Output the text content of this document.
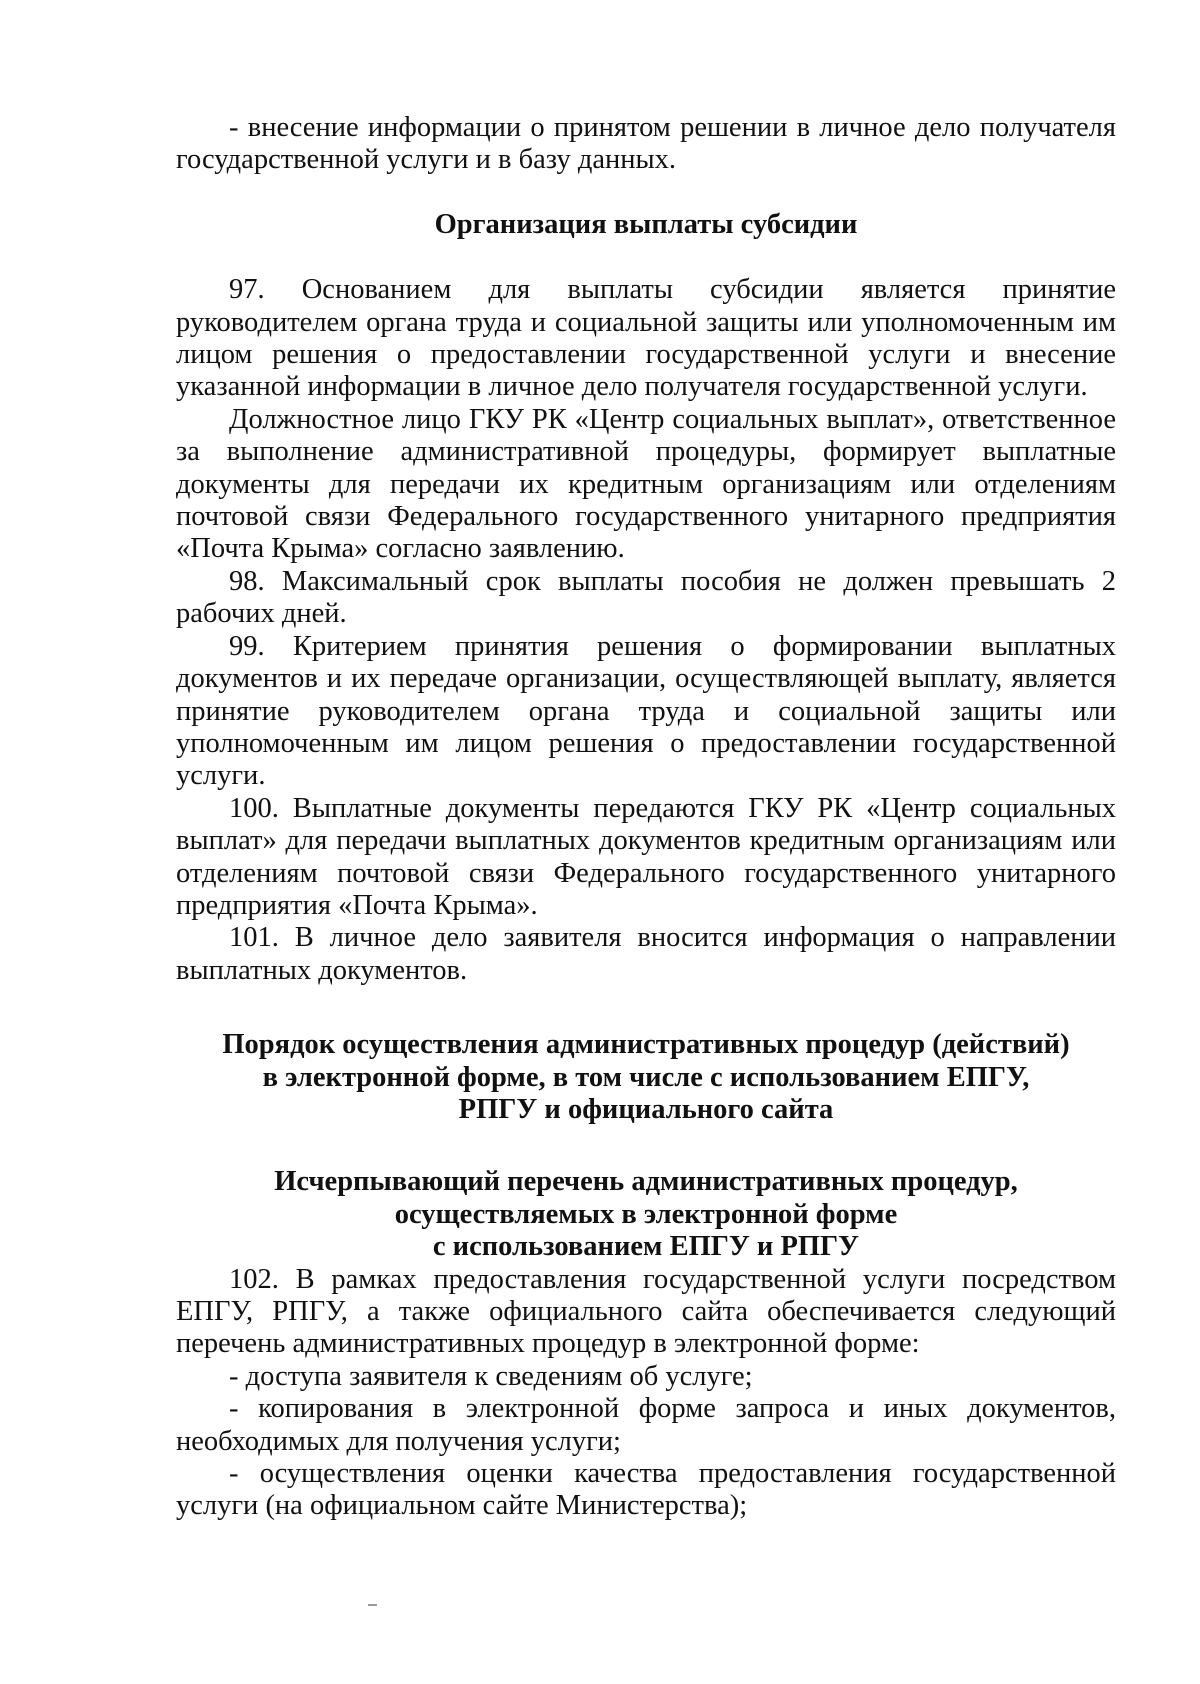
- внесение информации о принятом решении в личное дело получателя государственной услуги и в базу данных.

Организация выплаты субсидии

97. Основанием для выплаты субсидии является принятие руководителем органа труда и социальной защиты или уполномоченным им лицом решения о предоставлении государственной услуги и внесение указанной информации в личное дело получателя государственной услуги.

Должностное лицо ГКУ РК «Центр социальных выплат», ответственное за выполнение административной процедуры, формирует выплатные документы для передачи их кредитным организациям или отделениям почтовой связи Федерального государственного унитарного предприятия «Почта Крыма» согласно заявлению.

98. Максимальный срок выплаты пособия не должен превышать 2 рабочих дней.

99. Критерием принятия решения о формировании выплатных документов и их передаче организации, осуществляющей выплату, является принятие руководителем органа труда и социальной защиты или уполномоченным им лицом решения о предоставлении государственной услуги.

100. Выплатные документы передаются ГКУ РК «Центр социальных выплат» для передачи выплатных документов кредитным организациям или отделениям почтовой связи Федерального государственного унитарного предприятия «Почта Крыма».

101. В личное дело заявителя вносится информация о направлении выплатных документов.

Порядок осуществления административных процедур (действий)
в электронной форме, в том числе с использованием ЕПГУ,
РПГУ и официального сайта
Исчерпывающий перечень административных процедур,
осуществляемых в электронной форме
с использованием ЕПГУ и РПГУ

102. В рамках предоставления государственной услуги посредством ЕПГУ, РПГУ, а также официального сайта обеспечивается следующий перечень административных процедур в электронной форме:

- доступа заявителя к сведениям об услуге;

- копирования в электронной форме запроса и иных документов, необходимых для получения услуги;

- осуществления оценки качества предоставления государственной услуги (на официальном сайте Министерства);
